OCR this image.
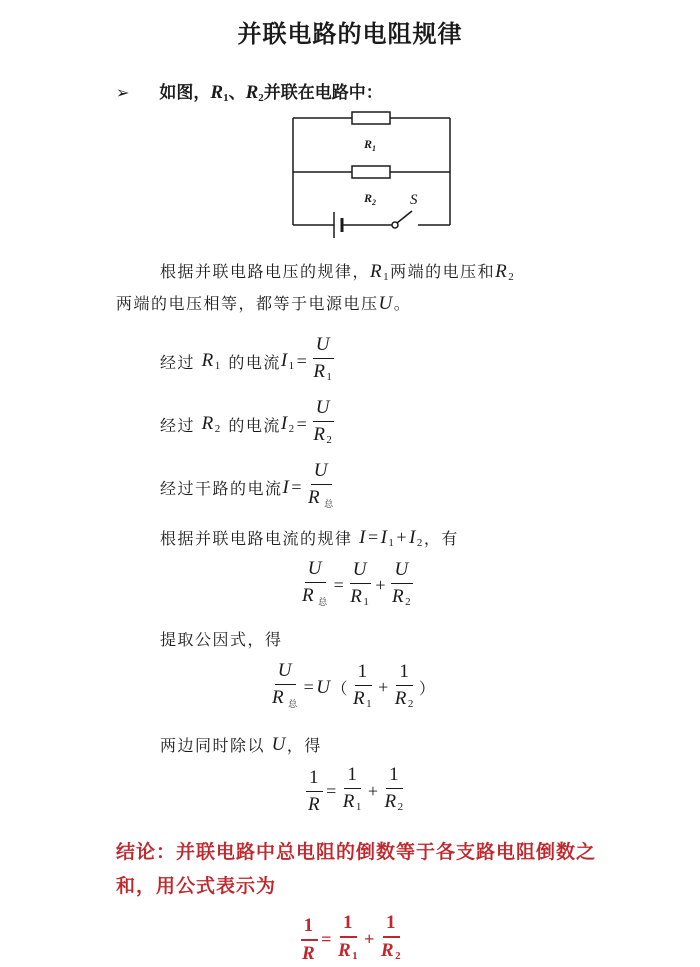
并联电路的电阻规律
➢ 如图，$R_1$、$R_2$并联在电路中：
$R_1$
$R_2$ S
根据并联电路电压的规律，$R_1$两端的电压和$R_2$
两端的电压相等，都等于电源电压U。
经过
$R_1$
的电流 $I_1 = \frac{U}{R_1}$
经过
$R_2$
的电流 $I_2 = \frac{U}{R_2}$
经过干路的电流 $I = \frac{U}{R _总}$
根据并联电路电流的规律
$I = I_1 + I_2$ ，有
$\frac{U}{R _总} = \frac{U}{R_1} + \frac{U}{R_2}$
提取公因式，得
$\frac{U}{R _总} = U$ （ $\frac{1}{R_1} + \frac{1}{R_2}$ ）
两边同时除以
U ，得
$\frac{1}{R} = \frac{1}{R_1} + \frac{1}{R_2}$
结论：并联电路中总电阻的倒数等于各支路电阻倒数之和，用公式表示为
$\frac{1}{R} = \frac{1}{R_1} + \frac{1}{R_2}$
